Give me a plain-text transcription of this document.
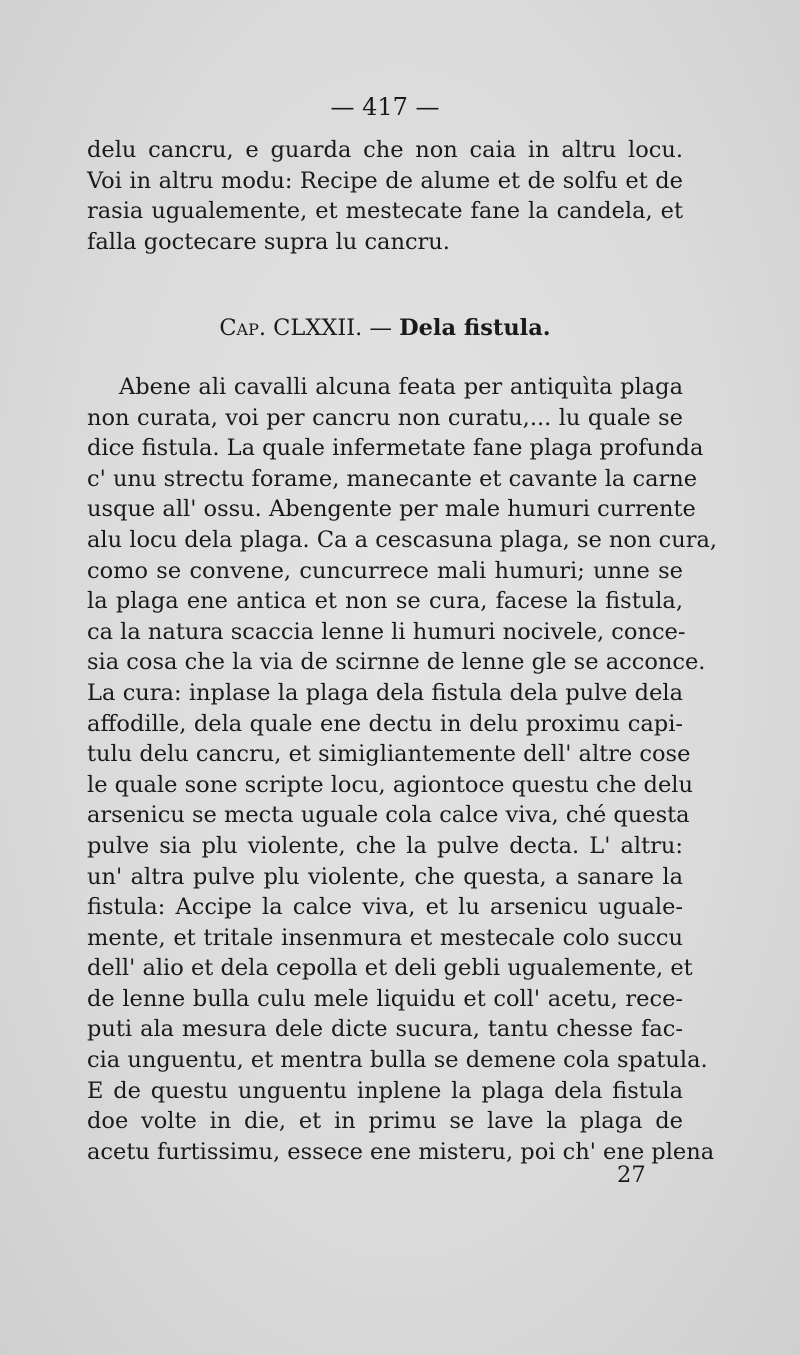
— 417 —
delu cancru, e guarda che non caia in altru locu.
Voi in altru modu: Recipe de alume et de solfu et de
rasia ugualemente, et mestecate fane la candela, et
falla goctecare supra lu cancru.
Cap. CLXXII. — Dela fistula.
Abene ali cavalli alcuna feata per antiquìta plaga
non curata, voi per cancru non curatu,... lu quale se
dice fistula. La quale infermetate fane plaga profunda
c' unu strectu forame, manecante et cavante la carne
usque all' ossu. Abengente per male humuri currente
alu locu dela plaga. Ca a cescasuna plaga, se non cura,
como se convene, cuncurrece mali humuri; unne se
la plaga ene antica et non se cura, facese la fistula,
ca la natura scaccia lenne li humuri nocivele, conce-
sia cosa che la via de scirnne de lenne gle se acconce.
La cura: inplase la plaga dela fistula dela pulve dela
affodille, dela quale ene dectu in delu proximu capi-
tulu delu cancru, et simigliantemente dell' altre cose
le quale sone scripte locu, agiontoce questu che delu
arsenicu se mecta uguale cola calce viva, ché questa
pulve sia plu violente, che la pulve decta. L' altru:
un' altra pulve plu violente, che questa, a sanare la
fistula: Accipe la calce viva, et lu arsenicu uguale-
mente, et tritale insenmura et mestecale colo succu
dell' alio et dela cepolla et deli gebli ugualemente, et
de lenne bulla culu mele liquidu et coll' acetu, rece-
puti ala mesura dele dicte sucura, tantu chesse fac-
cia unguentu, et mentra bulla se demene cola spatula.
E de questu unguentu inplene la plaga dela fistula
doe volte in die, et in primu se lave la plaga de
acetu furtissimu, essece ene misteru, poi ch' ene plena
27
